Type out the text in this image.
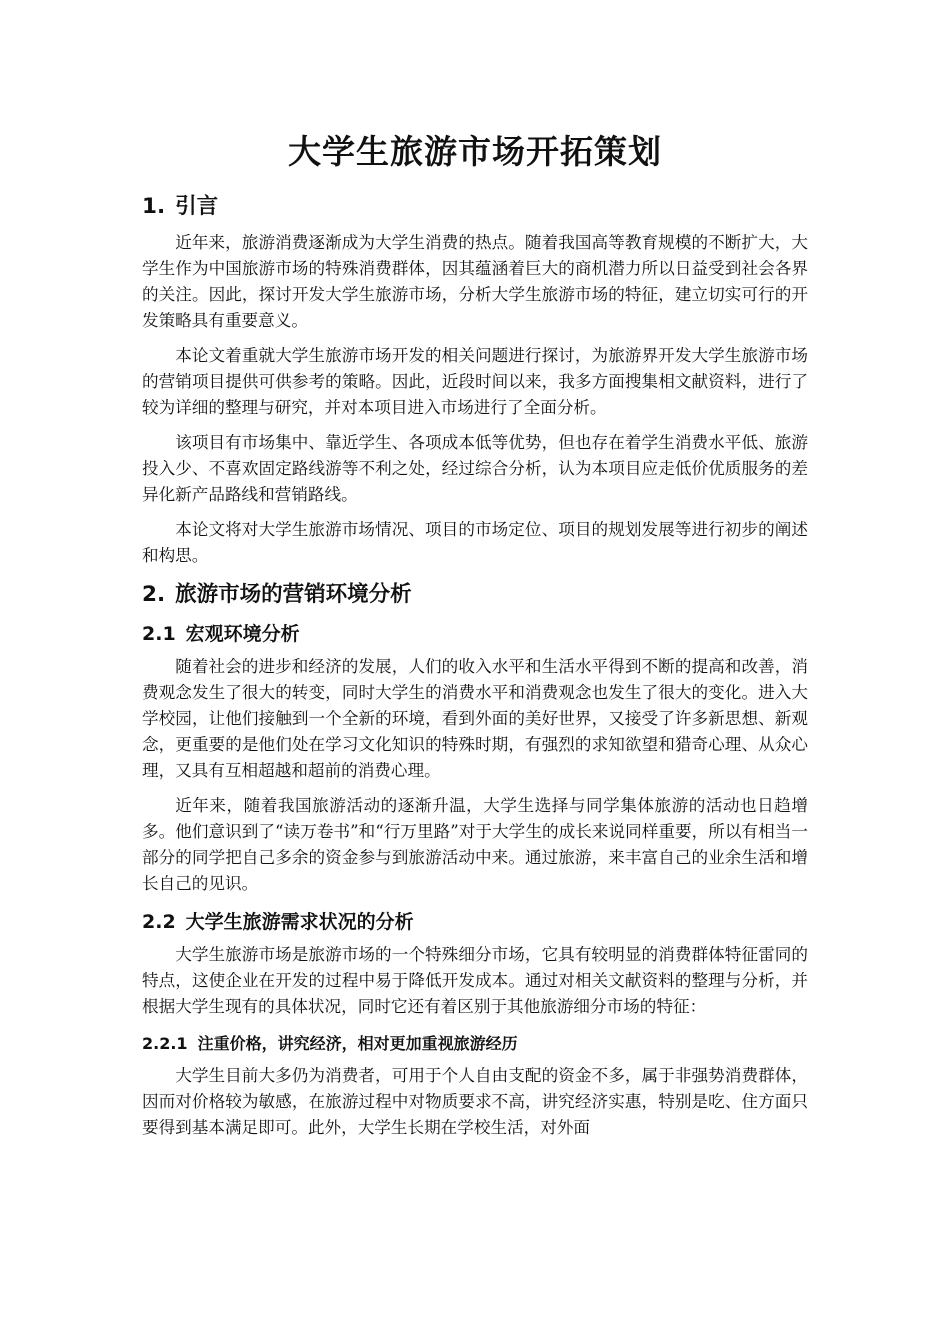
大学生旅游市场开拓策划
1. 引言

近年来，旅游消费逐渐成为大学生消费的热点。随着我国高等教育规模的不断扩大，大学生作为中国旅游市场的特殊消费群体，因其蕴涵着巨大的商机潜力所以日益受到社会各界的关注。因此，探讨开发大学生旅游市场，分析大学生旅游市场的特征，建立切实可行的开发策略具有重要意义。

本论文着重就大学生旅游市场开发的相关问题进行探讨，为旅游界开发大学生旅游市场的营销项目提供可供参考的策略。因此，近段时间以来，我多方面搜集相文献资料，进行了较为详细的整理与研究，并对本项目进入市场进行了全面分析。

该项目有市场集中、靠近学生、各项成本低等优势，但也存在着学生消费水平低、旅游投入少、不喜欢固定路线游等不利之处，经过综合分析，认为本项目应走低价优质服务的差异化新产品路线和营销路线。

本论文将对大学生旅游市场情况、项目的市场定位、项目的规划发展等进行初步的阐述和构思。

2. 旅游市场的营销环境分析
2.1 宏观环境分析

随着社会的进步和经济的发展，人们的收入水平和生活水平得到不断的提高和改善，消费观念发生了很大的转变，同时大学生的消费水平和消费观念也发生了很大的变化。进入大学校园，让他们接触到一个全新的环境，看到外面的美好世界，又接受了许多新思想、新观念，更重要的是他们处在学习文化知识的特殊时期，有强烈的求知欲望和猎奇心理、从众心理，又具有互相超越和超前的消费心理。

近年来，随着我国旅游活动的逐渐升温，大学生选择与同学集体旅游的活动也日趋增多。他们意识到了“读万卷书”和“行万里路”对于大学生的成长来说同样重要，所以有相当一部分的同学把自己多余的资金参与到旅游活动中来。通过旅游，来丰富自己的业余生活和增长自己的见识。

2.2 大学生旅游需求状况的分析

大学生旅游市场是旅游市场的一个特殊细分市场，它具有较明显的消费群体特征雷同的特点，这使企业在开发的过程中易于降低开发成本。通过对相关文献资料的整理与分析，并根据大学生现有的具体状况，同时它还有着区别于其他旅游细分市场的特征：

2.2.1 注重价格，讲究经济，相对更加重视旅游经历

大学生目前大多仍为消费者，可用于个人自由支配的资金不多，属于非强势消费群体，因而对价格较为敏感，在旅游过程中对物质要求不高，讲究经济实惠，特别是吃、住方面只要得到基本满足即可。此外，大学生长期在学校生活，对外面
